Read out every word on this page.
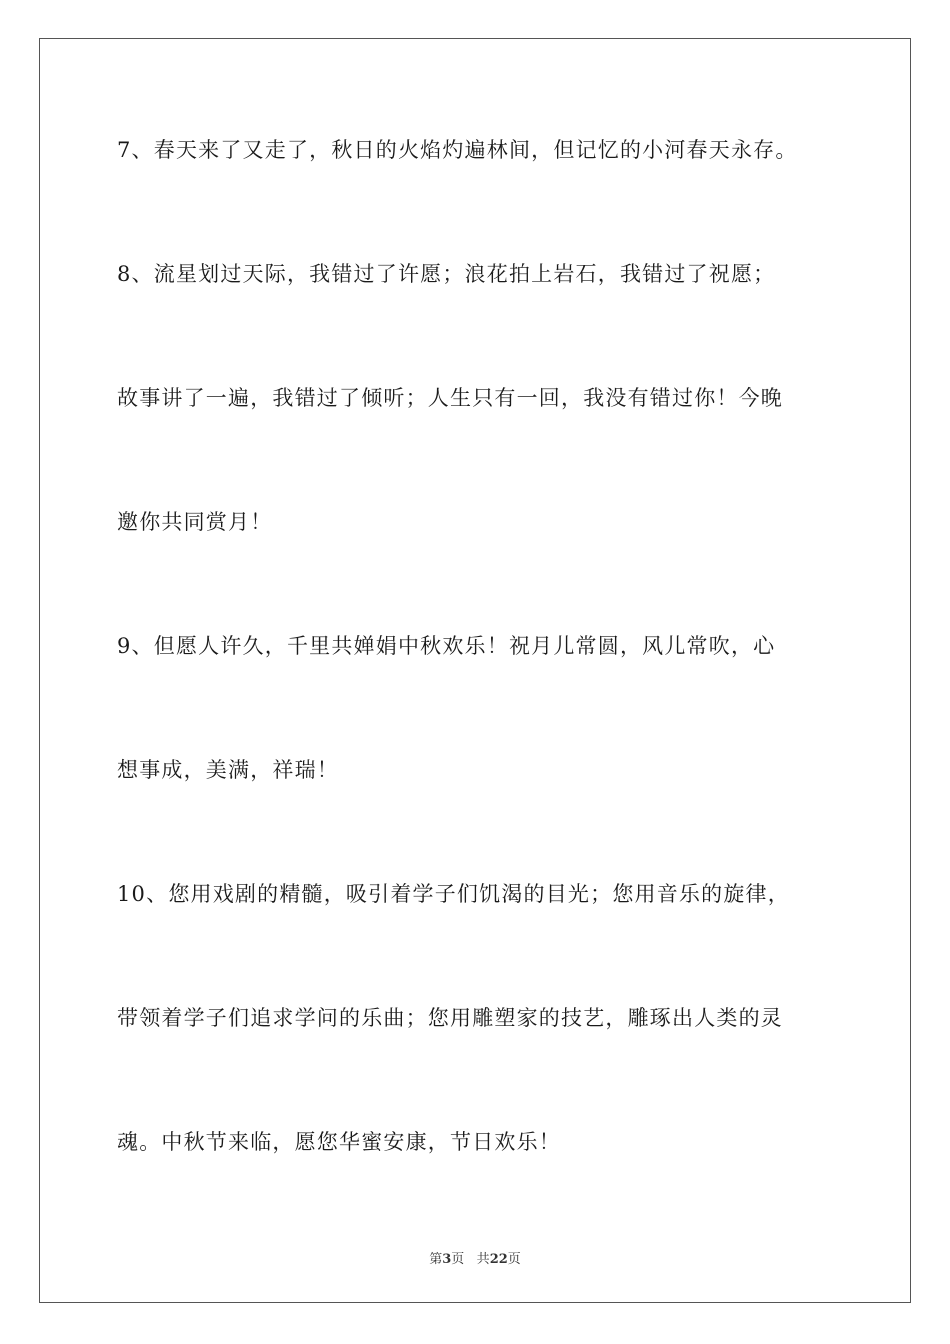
7、春天来了又走了，秋日的火焰灼遍林间，但记忆的小河春天永存。
8、流星划过天际，我错过了许愿；浪花拍上岩石，我错过了祝愿；
故事讲了一遍，我错过了倾听；人生只有一回，我没有错过你！今晚
邀你共同赏月！
9、但愿人许久，千里共婵娟中秋欢乐！祝月儿常圆，风儿常吹，心
想事成，美满，祥瑞！
10、您用戏剧的精髓，吸引着学子们饥渴的目光；您用音乐的旋律，
带领着学子们追求学问的乐曲；您用雕塑家的技艺，雕琢出人类的灵
魂。中秋节来临，愿您华蜜安康，节日欢乐！
第3页 共22页
